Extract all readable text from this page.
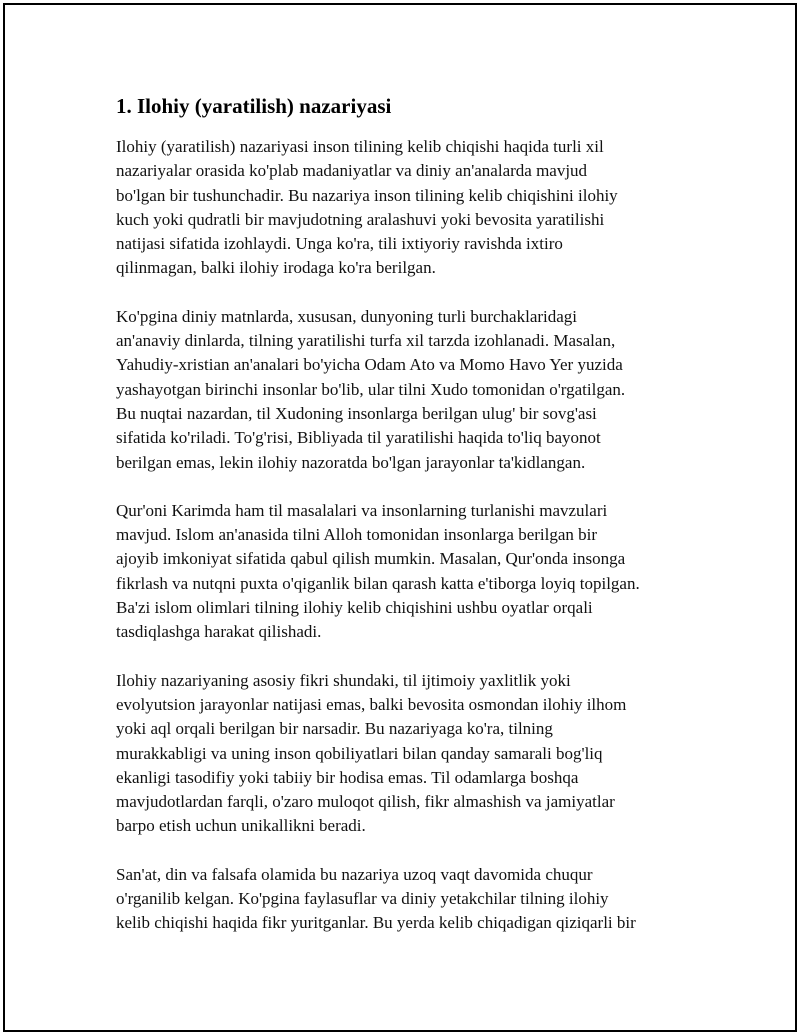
1. Ilohiy (yaratilish) nazariyasi

Ilohiy (yaratilish) nazariyasi inson tilining kelib chiqishi haqida turli xil
nazariyalar orasida ko'plab madaniyatlar va diniy an'analarda mavjud
bo'lgan bir tushunchadir. Bu nazariya inson tilining kelib chiqishini ilohiy
kuch yoki qudratli bir mavjudotning aralashuvi yoki bevosita yaratilishi
natijasi sifatida izohlaydi. Unga ko'ra, tili ixtiyoriy ravishda ixtiro
qilinmagan, balki ilohiy irodaga ko'ra berilgan.

Ko'pgina diniy matnlarda, xususan, dunyoning turli burchaklaridagi
an'anaviy dinlarda, tilning yaratilishi turfa xil tarzda izohlanadi. Masalan,
Yahudiy-xristian an'analari bo'yicha Odam Ato va Momo Havo Yer yuzida
yashayotgan birinchi insonlar bo'lib, ular tilni Xudo tomonidan o'rgatilgan.
Bu nuqtai nazardan, til Xudoning insonlarga berilgan ulug' bir sovg'asi
sifatida ko'riladi. To'g'risi, Bibliyada til yaratilishi haqida to'liq bayonot
berilgan emas, lekin ilohiy nazoratda bo'lgan jarayonlar ta'kidlangan.

Qur'oni Karimda ham til masalalari va insonlarning turlanishi mavzulari
mavjud. Islom an'anasida tilni Alloh tomonidan insonlarga berilgan bir
ajoyib imkoniyat sifatida qabul qilish mumkin. Masalan, Qur'onda insonga
fikrlash va nutqni puxta o'qiganlik bilan qarash katta e'tiborga loyiq topilgan.
Ba'zi islom olimlari tilning ilohiy kelib chiqishini ushbu oyatlar orqali
tasdiqlashga harakat qilishadi.

Ilohiy nazariyaning asosiy fikri shundaki, til ijtimoiy yaxlitlik yoki
evolyutsion jarayonlar natijasi emas, balki bevosita osmondan ilohiy ilhom
yoki aql orqali berilgan bir narsadir. Bu nazariyaga ko'ra, tilning
murakkabligi va uning inson qobiliyatlari bilan qanday samarali bog'liq
ekanligi tasodifiy yoki tabiiy bir hodisa emas. Til odamlarga boshqa
mavjudotlardan farqli, o'zaro muloqot qilish, fikr almashish va jamiyatlar
barpo etish uchun unikallikni beradi.

San'at, din va falsafa olamida bu nazariya uzoq vaqt davomida chuqur
o'rganilib kelgan. Ko'pgina faylasuflar va diniy yetakchilar tilning ilohiy
kelib chiqishi haqida fikr yuritganlar. Bu yerda kelib chiqadigan qiziqarli bir
